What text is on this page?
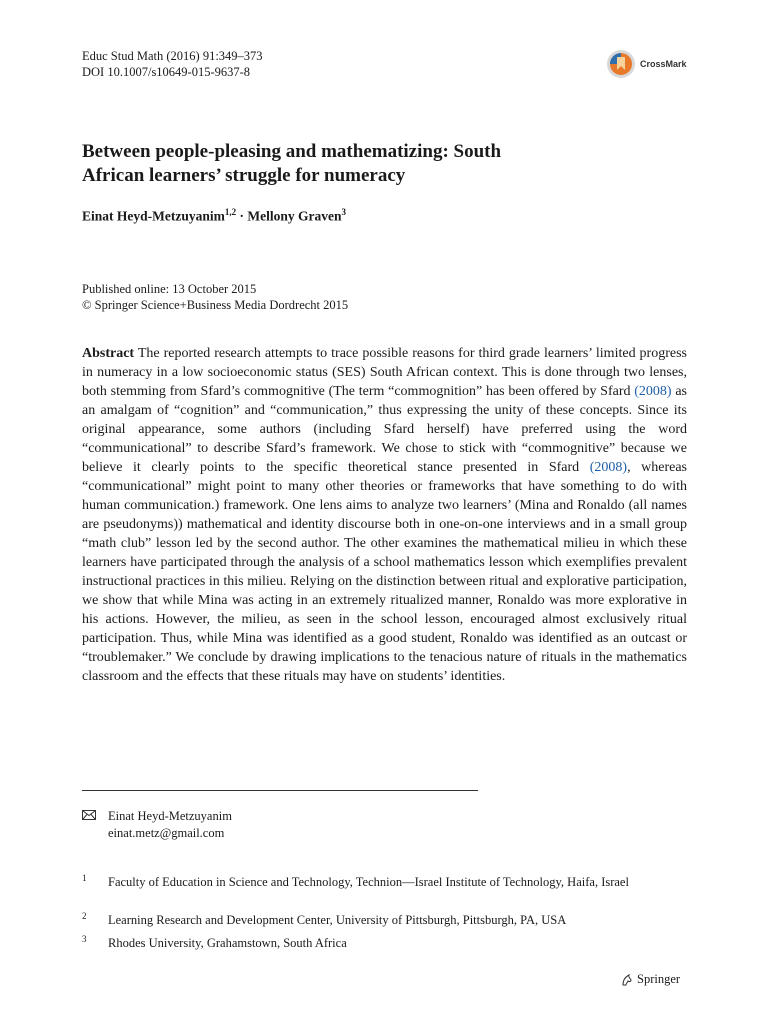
Educ Stud Math (2016) 91:349–373
DOI 10.1007/s10649-015-9637-8
CrossMark
Between people-pleasing and mathematizing: South
African learners’ struggle for numeracy
Einat Heyd-Metzuyanim$^{1,2}$ · Mellony Graven$^3$
Published online: 13 October 2015
© Springer Science+Business Media Dordrecht 2015
Abstract The reported research attempts to trace possible reasons for third grade learners’ limited progress in numeracy in a low socioeconomic status (SES) South African context. This is done through two lenses, both stemming from Sfard’s commognitive (The term “commognition” has been offered by Sfard (2008) as an amalgam of “cognition” and “communication,” thus expressing the unity of these concepts. Since its original appearance, some authors (including Sfard herself) have preferred using the word “communicational” to describe Sfard’s framework. We chose to stick with “commognitive” because we believe it clearly points to the specific theoretical stance presented in Sfard (2008), whereas “communicational” might point to many other theories or frameworks that have something to do with human communication.) framework. One lens aims to analyze two learners’ (Mina and Ronaldo (all names are pseudonyms)) mathematical and identity discourse both in one-on-one interviews and in a small group “math club” lesson led by the second author. The other examines the mathematical milieu in which these learners have participated through the analysis of a school mathematics lesson which exemplifies prevalent instructional practices in this milieu. Relying on the distinction between ritual and explorative participation, we show that while Mina was acting in an extremely ritualized manner, Ronaldo was more explorative in his actions. However, the milieu, as seen in the school lesson, encouraged almost exclusively ritual participation. Thus, while Mina was identified as a good student, Ronaldo was identified as an outcast or “troublemaker.” We conclude by drawing implications to the tenacious nature of rituals in the mathematics classroom and the effects that these rituals may have on students’ identities.
Einat Heyd-Metzuyanim
einat.metz@gmail.com
1 Faculty of Education in Science and Technology, Technion—Israel Institute of Technology, Haifa, Israel
2 Learning Research and Development Center, University of Pittsburgh, Pittsburgh, PA, USA
3 Rhodes University, Grahamstown, South Africa
Springer
